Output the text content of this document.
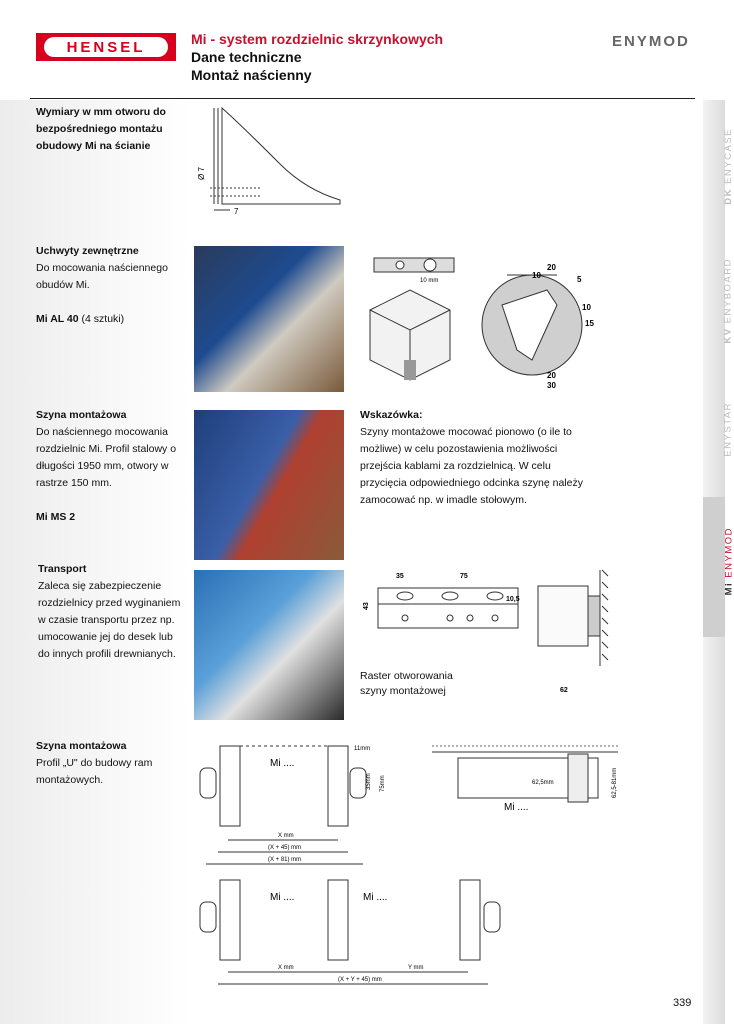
HENSEL	Mi - system rozdzielnic skrzynkowych
Dane techniczne
Montaż naścienny
ENYMOD
DK ENYCASE
KV ENYBOARD
ENYSTAR
Mi ENYMOD
Wymiary w mm otworu do bezpośredniego montażu obudowy Mi na ścianie
Ø 7
7
Uchwyty zewnętrzne
Do mocowania naściennego obudów Mi.

Mi AL 40 (4 sztuki)
10 mm
20
10	5
10
15
20
30
Szyna montażowa
Do naściennego mocowania rozdzielnic Mi. Profil stalowy o długości 1950 mm, otwory w rastrze 150 mm.

Mi MS 2
Wskazówka:
Szyny montażowe mocować pionowo (o ile to możliwe) w celu pozostawienia możliwości przejścia kablami za rozdzielnicą. W celu przycięcia odpowiedniego odcinka szynę należy zamocować np. w imadle stołowym.
Transport
Zaleca się zabezpieczenie rozdzielnicy przed wyginaniem w czasie transportu przez np. umocowanie jej do desek lub do innych profili drewnianych.
35	75
43
10,5
62
Raster otworowania szyny montażowej
Szyna montażowa
Profil „U" do budowy ram montażowych.
Mi ....
11mm
35mm 75mm
X mm
(X + 45) mm
(X + 81) mm
62,5mm	62,5-81mm
Mi ....
Mi ....	Mi ....
X mm	Y mm
(X + Y + 45) mm
339
